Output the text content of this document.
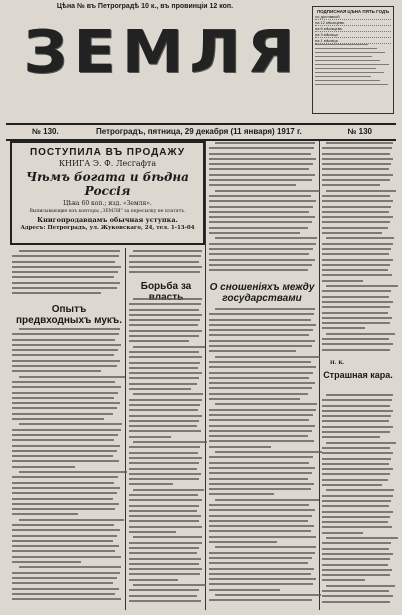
Цѣна № въ Петроградѣ 10 к., въ провинціи 12 коп.
ЗЕМЛЯ
ПОДПИСНАЯ ЦѢНА ПЯТЬ ГОДЪ
съ доставкой
на 12 мѣсяцевъ
на 6 мѣсяцевъ
на 3 мѣсяца
на 1 мѣсяцъ
№ 130.	Петроградъ, пятница, 29 декабря (11 января) 1917 г.	№ 130
ПОСТУПИЛА ВЪ ПРОДАЖУ
КНИГА Э. Ф. Лесгафта
Чѣмъ богата и бѣдна Россія
Цѣна 60 коп.; изд. «Земля».
Выписывающие изъ конторы „ЗЕМЛЯ" за пересылку не платятъ.
Книгопродавцамъ обычная уступка.
Адресъ: Петроградъ, ул. Жуковскаго, 24, тел. 1-13-04
Опытъ предвходныхъ мукъ.
Борьба за	О сношеніяхъ между государствами
Страшная кара.
Н. К.
